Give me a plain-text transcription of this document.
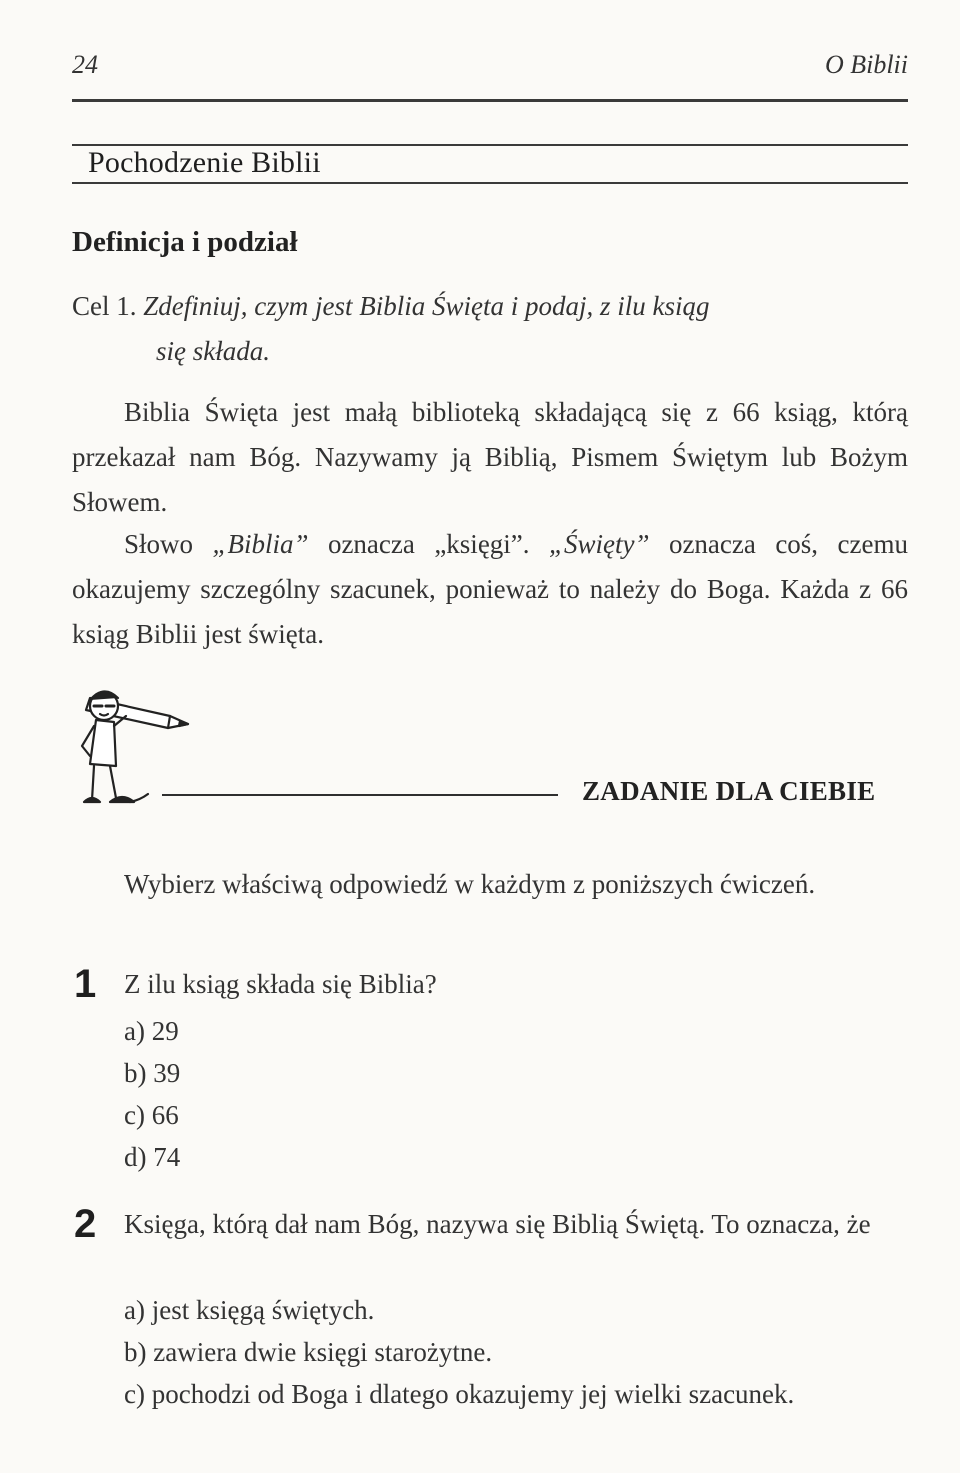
24	O Biblii
Pochodzenie Biblii
Definicja i podział
Cel 1. Zdefiniuj, czym jest Biblia Święta i podaj, z ilu ksiąg
się składa.

Biblia Święta jest małą biblioteką składającą się z 66 ksiąg, którą przekazał nam Bóg. Nazywamy ją Biblią, Pismem Świętym lub Bożym Słowem.

Słowo „Biblia” oznacza „księgi”. „Święty” oznacza coś, czemu okazujemy szczególny szacunek, ponieważ to należy do Boga. Każda z 66 ksiąg Biblii jest święta.

ZADANIE DLA CIEBIE

Wybierz właściwą odpowiedź w każdym z poniższych ćwiczeń.

1 Z ilu ksiąg składa się Biblia?
a) 29
b) 39
c) 66
d) 74
2 Księga, którą dał nam Bóg, nazywa się Biblią Świętą. To oznacza, że
a) jest księgą świętych.
b) zawiera dwie księgi starożytne.
c) pochodzi od Boga i dlatego okazujemy jej wielki szacunek.
